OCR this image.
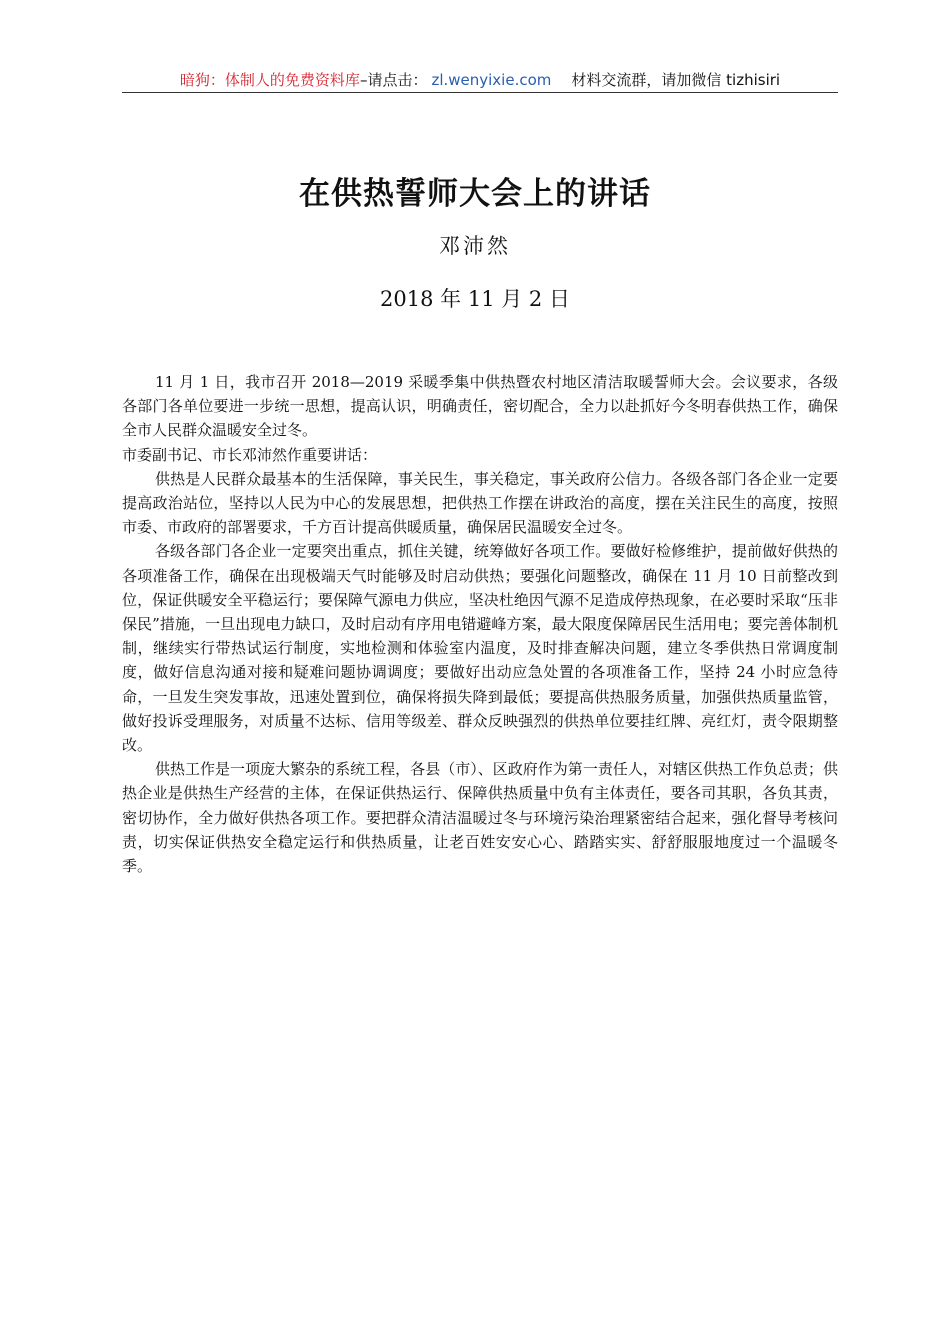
暗狗：体制人的免费资料库–请点击： zl.wenyixie.com 材料交流群，请加微信 tizhisiri
在供热誓师大会上的讲话
邓沛然
2018 年 11 月 2 日

11 月 1 日，我市召开 2018—2019 采暖季集中供热暨农村地区清洁取暖誓师大会。会议要求，各级各部门各单位要进一步统一思想，提高认识，明确责任，密切配合，全力以赴抓好今冬明春供热工作，确保全市人民群众温暖安全过冬。

市委副书记、市长邓沛然作重要讲话：

供热是人民群众最基本的生活保障，事关民生，事关稳定，事关政府公信力。各级各部门各企业一定要提高政治站位，坚持以人民为中心的发展思想，把供热工作摆在讲政治的高度，摆在关注民生的高度，按照市委、市政府的部署要求，千方百计提高供暖质量，确保居民温暖安全过冬。

各级各部门各企业一定要突出重点，抓住关键，统筹做好各项工作。要做好检修维护，提前做好供热的各项准备工作，确保在出现极端天气时能够及时启动供热；要强化问题整改，确保在 11 月 10 日前整改到位，保证供暖安全平稳运行；要保障气源电力供应，坚决杜绝因气源不足造成停热现象，在必要时采取“压非保民”措施，一旦出现电力缺口，及时启动有序用电错避峰方案，最大限度保障居民生活用电；要完善体制机制，继续实行带热试运行制度，实地检测和体验室内温度，及时排查解决问题，建立冬季供热日常调度制度，做好信息沟通对接和疑难问题协调调度；要做好出动应急处置的各项准备工作，坚持 24 小时应急待命，一旦发生突发事故，迅速处置到位，确保将损失降到最低；要提高供热服务质量，加强供热质量监管，做好投诉受理服务，对质量不达标、信用等级差、群众反映强烈的供热单位要挂红牌、亮红灯，责令限期整改。

供热工作是一项庞大繁杂的系统工程，各县（市）、区政府作为第一责任人，对辖区供热工作负总责；供热企业是供热生产经营的主体，在保证供热运行、保障供热质量中负有主体责任，要各司其职，各负其责，密切协作，全力做好供热各项工作。要把群众清洁温暖过冬与环境污染治理紧密结合起来，强化督导考核问责，切实保证供热安全稳定运行和供热质量，让老百姓安安心心、踏踏实实、舒舒服服地度过一个温暖冬季。
